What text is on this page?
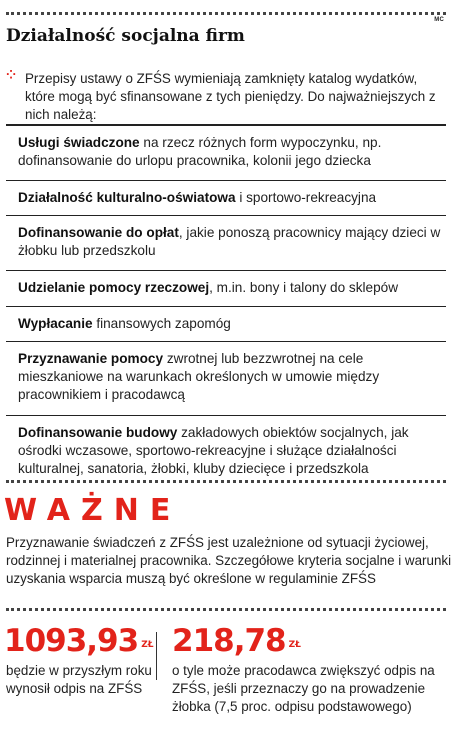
MC
Działalność socjalna firm
⁘ Przepisy ustawy o ZFŚS wymieniają zamknięty katalog wydatków, które mogą być sfinansowane z tych pieniędzy. Do najważniejszych z nich należą:

Usługi świadczone na rzecz różnych form wypoczynku, np. dofinansowanie do urlopu pracownika, kolonii jego dziecka
Działalność kulturalno-oświatowa i sportowo-rekreacyjna
Dofinansowanie do opłat, jakie ponoszą pracownicy mający dzieci w żłobku lub przedszkolu
Udzielanie pomocy rzeczowej, m.in. bony i talony do sklepów
Wypłacanie finansowych zapomóg
Przyznawanie pomocy zwrotnej lub bezzwrotnej na cele mieszkaniowe na warunkach określonych w umowie między pracownikiem i pracodawcą
Dofinansowanie budowy zakładowych obiektów socjalnych, jak ośrodki wczasowe, sportowo-rekreacyjne i służące działalności kulturalnej, sanatoria, żłobki, kluby dziecięce i przedszkola
WAŻNE
Przyznawanie świadczeń z ZFŚS jest uzależnione od sytuacji życiowej, rodzinnej i materialnej pracownika. Szczegółowe kryteria socjalne i warunki uzyskania wsparcia muszą być określone w regulaminie ZFŚS
1093,93 $^{ZŁ}$
będzie w przyszłym roku wynosił odpis na ZFŚS
218,78 $^{ZŁ}$
o tyle może pracodawca zwiększyć odpis na ZFŚS, jeśli przeznaczy go na prowadzenie żłobka (7,5 proc. odpisu podstawowego)
